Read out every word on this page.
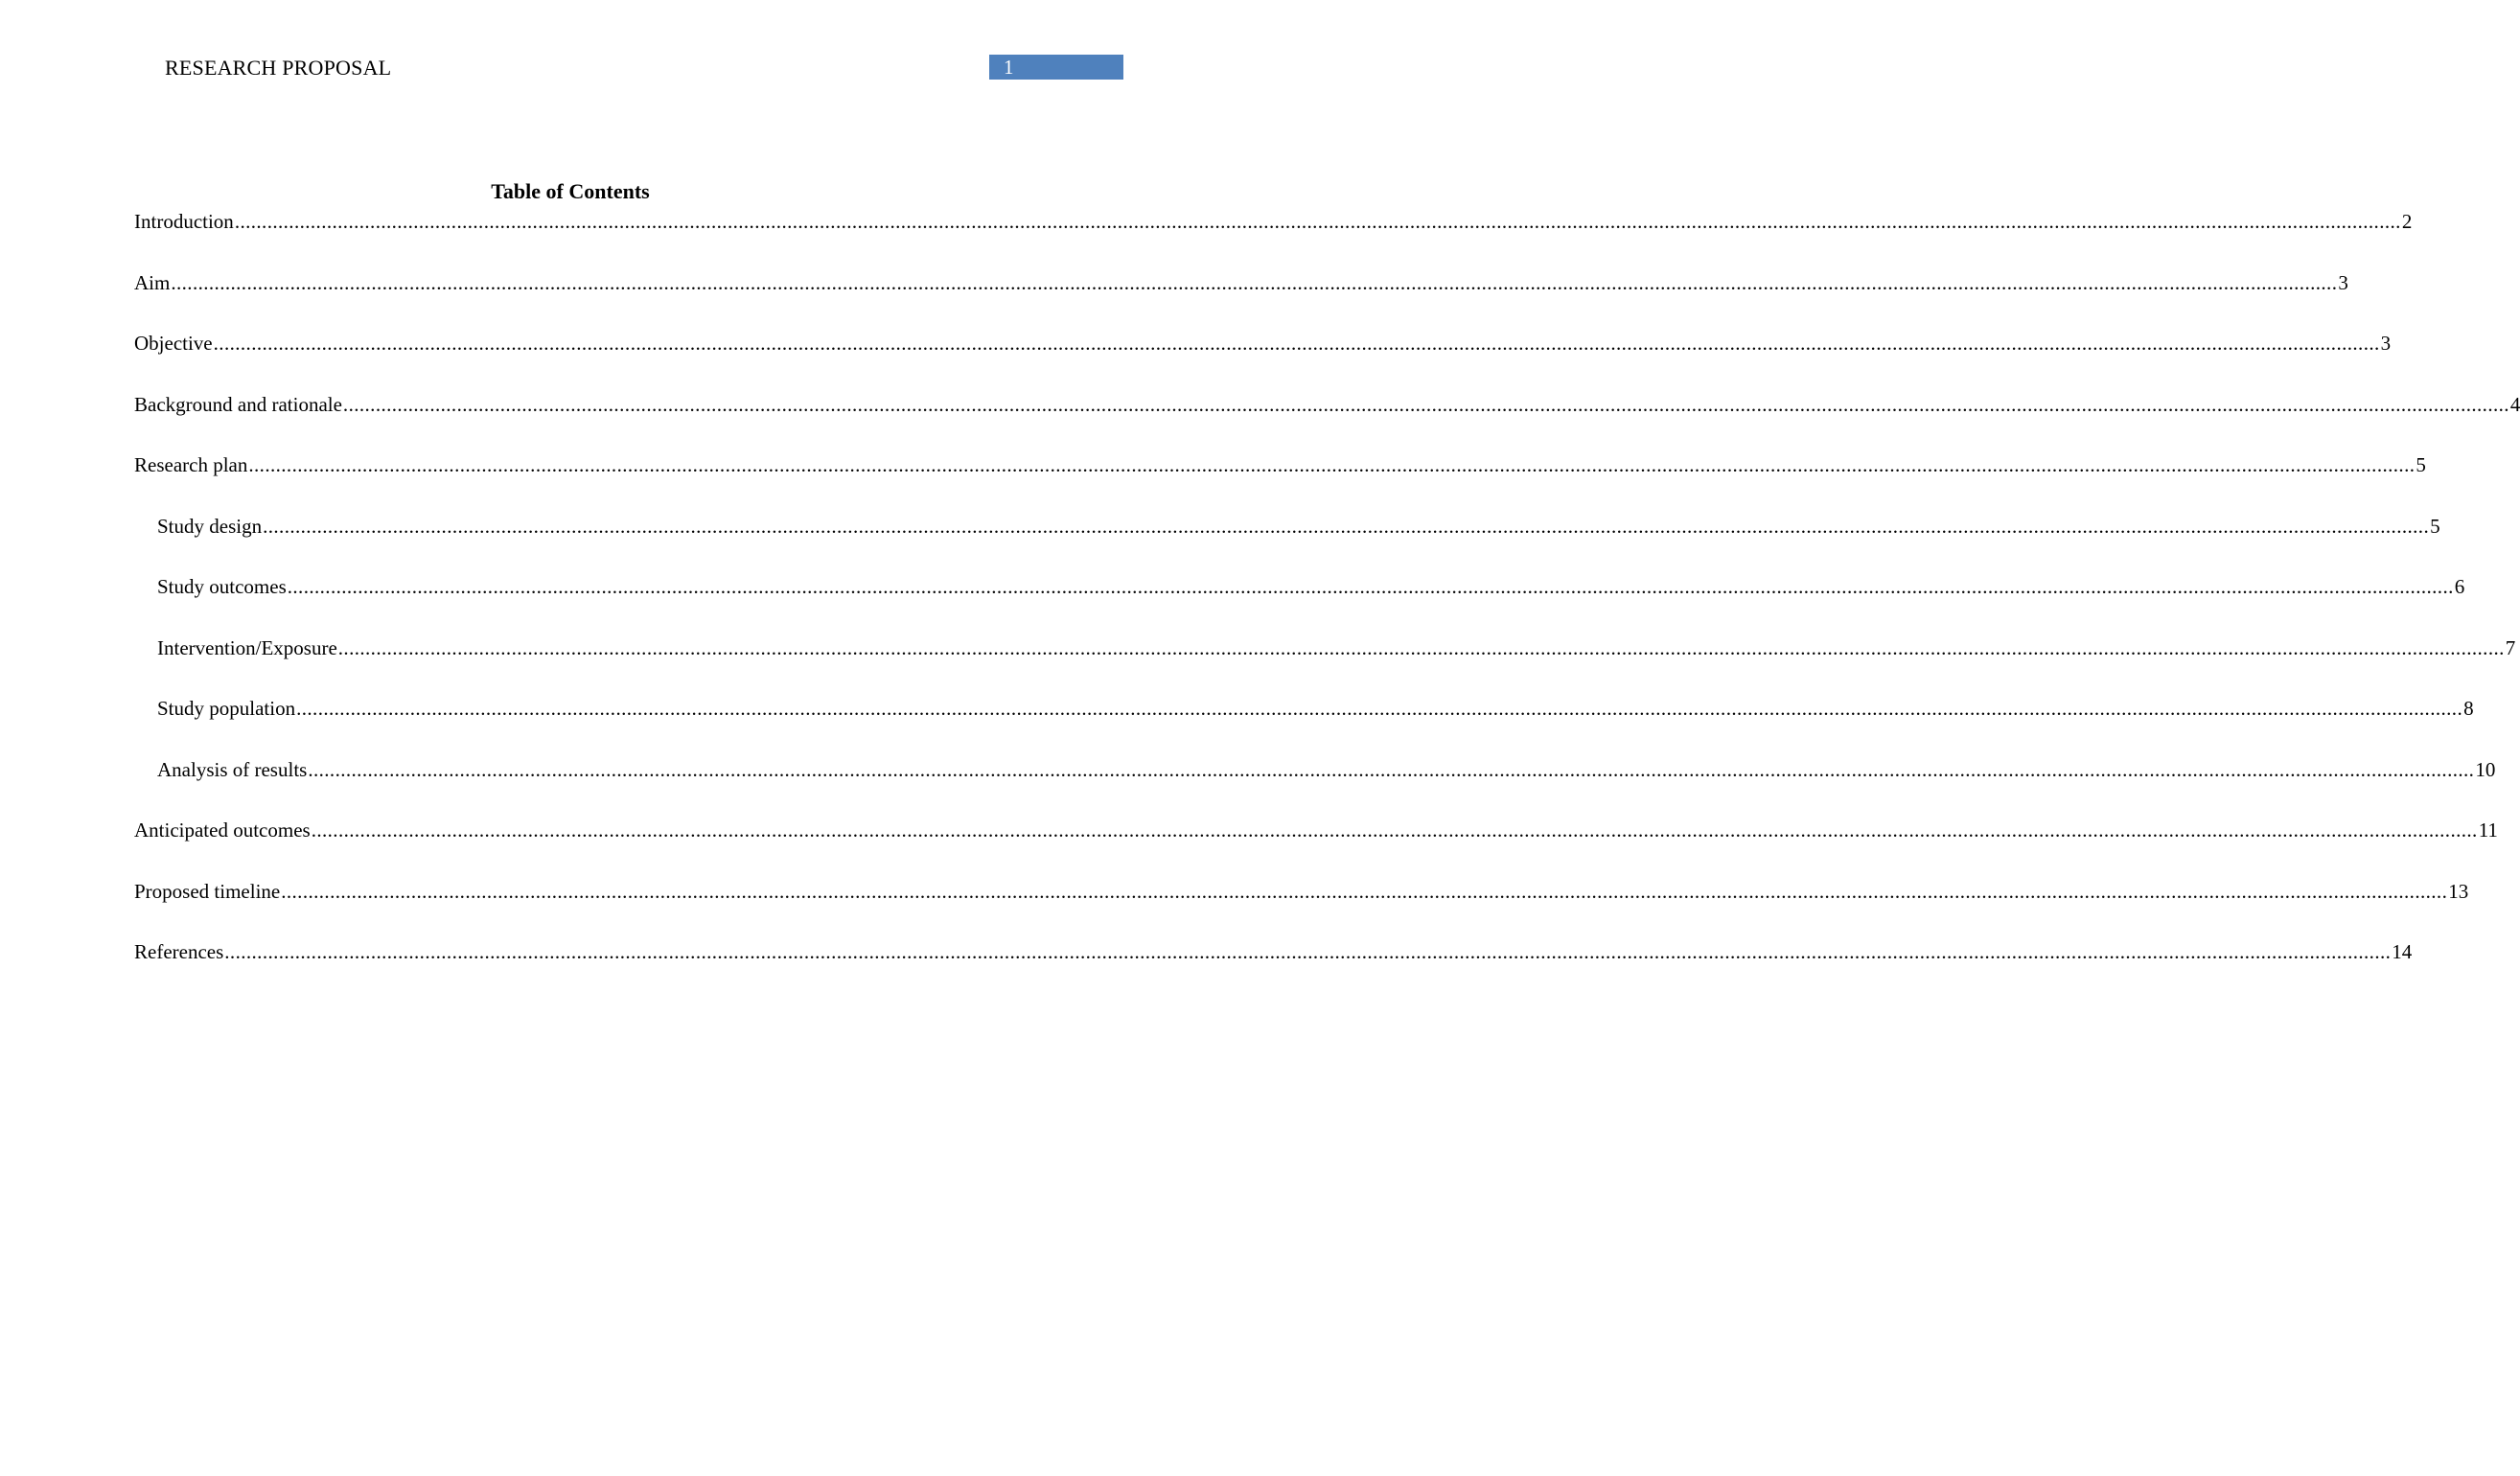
RESEARCH PROPOSAL	1
Table of Contents
Introduction ................................................................................................................................................................................................................................................................................................................................................................................................................ 2
Aim ................................................................................................................................................................................................................................................................................................................................................................................................................ 3
Objective ................................................................................................................................................................................................................................................................................................................................................................................................................ 3
Background and rationale ................................................................................................................................................................................................................................................................................................................................................................................................................ 4
Research plan ................................................................................................................................................................................................................................................................................................................................................................................................................ 5
Study design ................................................................................................................................................................................................................................................................................................................................................................................................................ 5
Study outcomes ................................................................................................................................................................................................................................................................................................................................................................................................................ 6
Intervention/Exposure ................................................................................................................................................................................................................................................................................................................................................................................................................ 7
Study population ................................................................................................................................................................................................................................................................................................................................................................................................................ 8
Analysis of results ................................................................................................................................................................................................................................................................................................................................................................................................................ 10
Anticipated outcomes ................................................................................................................................................................................................................................................................................................................................................................................................................ 11
Proposed timeline ................................................................................................................................................................................................................................................................................................................................................................................................................ 13
References ................................................................................................................................................................................................................................................................................................................................................................................................................ 14
